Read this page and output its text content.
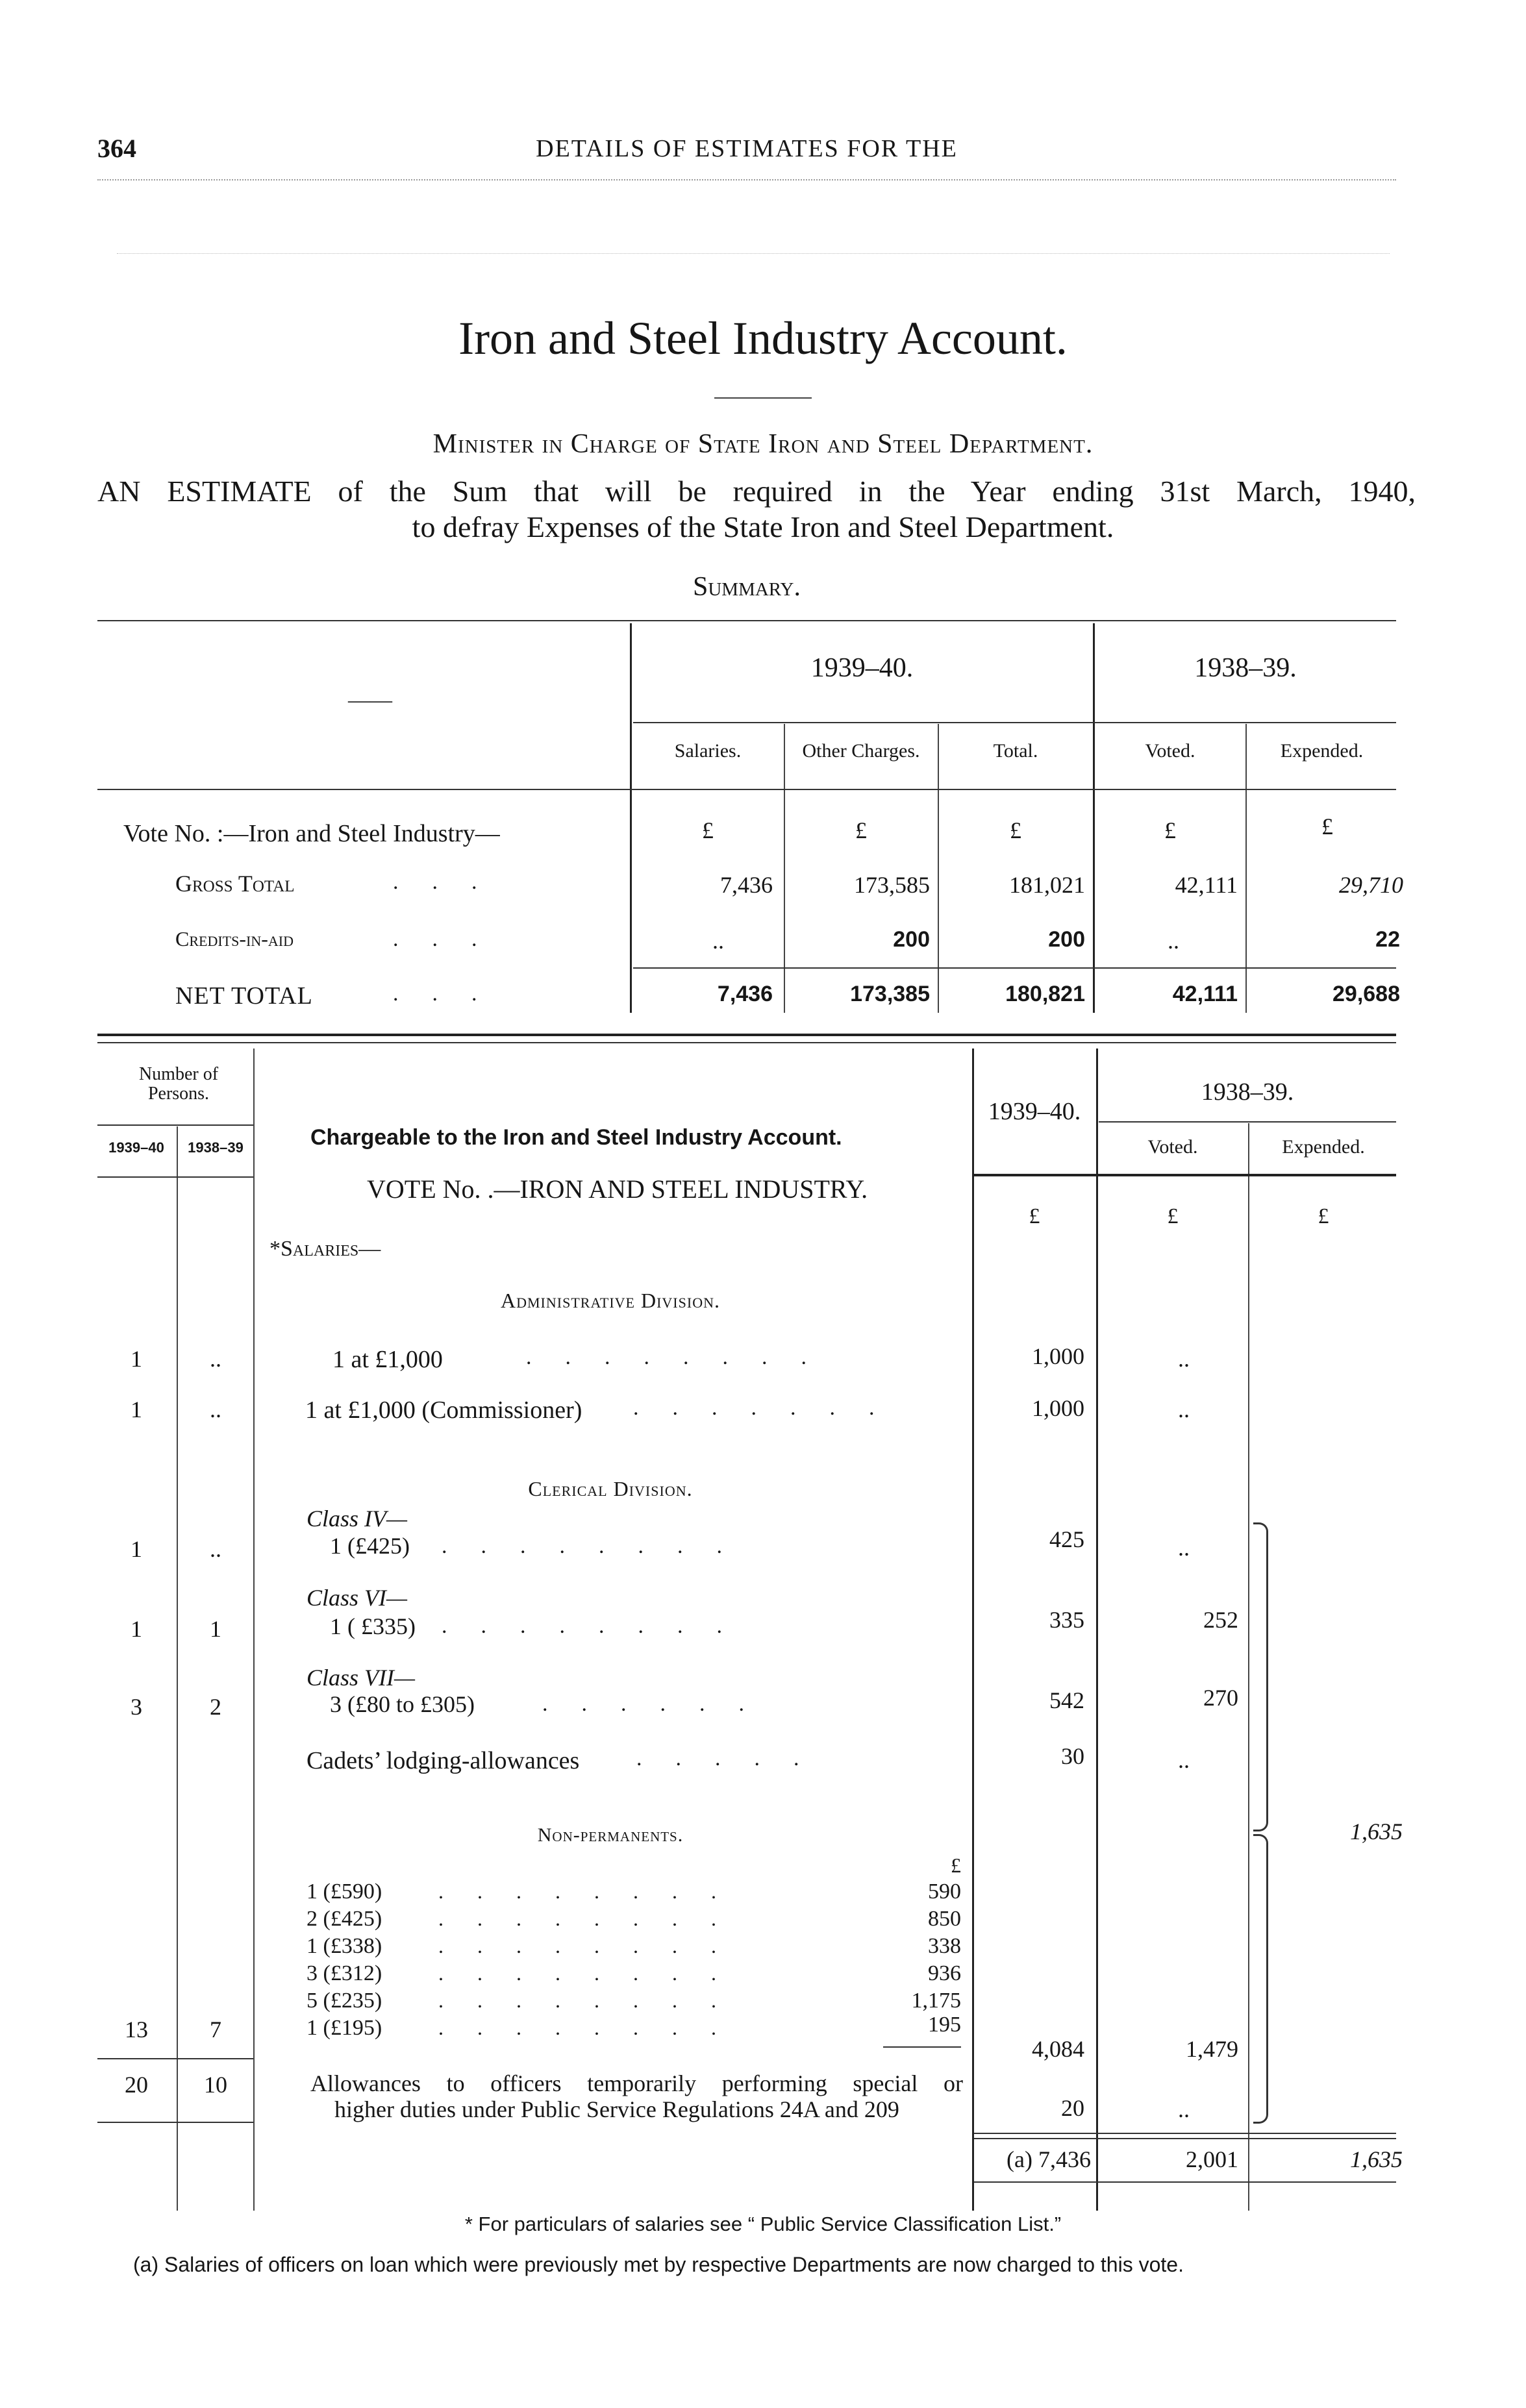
364	DETAILS OF ESTIMATES FOR THE
Iron and Steel Industry Account.
Minister in Charge of State Iron and Steel Department.
AN ESTIMATE of the Sum that will be required in the Year ending 31st March, 1940,
to defray Expenses of the State Iron and Steel Department.
Summary.
——
1939–40.	1938–39.
Salaries.	Other Charges.	Total.	Voted.	Expended.
Vote No. :—Iron and Steel Industry—	£	£	£	£	£
Gross Total	...	7,436	173,585	181,021	42,111	29,710
Credits-in-aid	...	..	200	200	..	22
NET TOTAL	...	7,436	173,385	180,821	42,111	29,688
Number of Persons.
1939–40	1938–39	Chargeable to the Iron and Steel Industry Account.
VOTE No. .—IRON AND STEEL INDUSTRY.
1939–40.
1938–39.
Voted.	Expended.
£	£	£
*Salaries—
Administrative Division.
1	..	1 at £1,000	........	1,000	..
1	..	1 at £1,000 (Commissioner) .......	1,000	..
Clerical Division.
Class IV—
1	..	1 (£425) ........	425	..
Class VI—
1	1	1 ( £335) ........	335	252
Class VII—
3	2	3 (£80 to £305)	......	542	270
Cadets’ lodging-allowances	.....	30	..
1,635
Non-permanents.
£
1 (£590)	........	590
2 (£425)	........	850
1 (£338)	........	338
3 (£312)	........	936
5 (£235)	........	1,175
13	7	1 (£195)	........	195
4,084	1,479
20	10	Allowances to officers temporarily performing special or
higher duties under Public Service Regulations 24A and 209	20	..
(a) 7,436	2,001	1,635
* For particulars of salaries see “ Public Service Classification List.”
(a) Salaries of officers on loan which were previously met by respective Departments are now charged to this vote.
